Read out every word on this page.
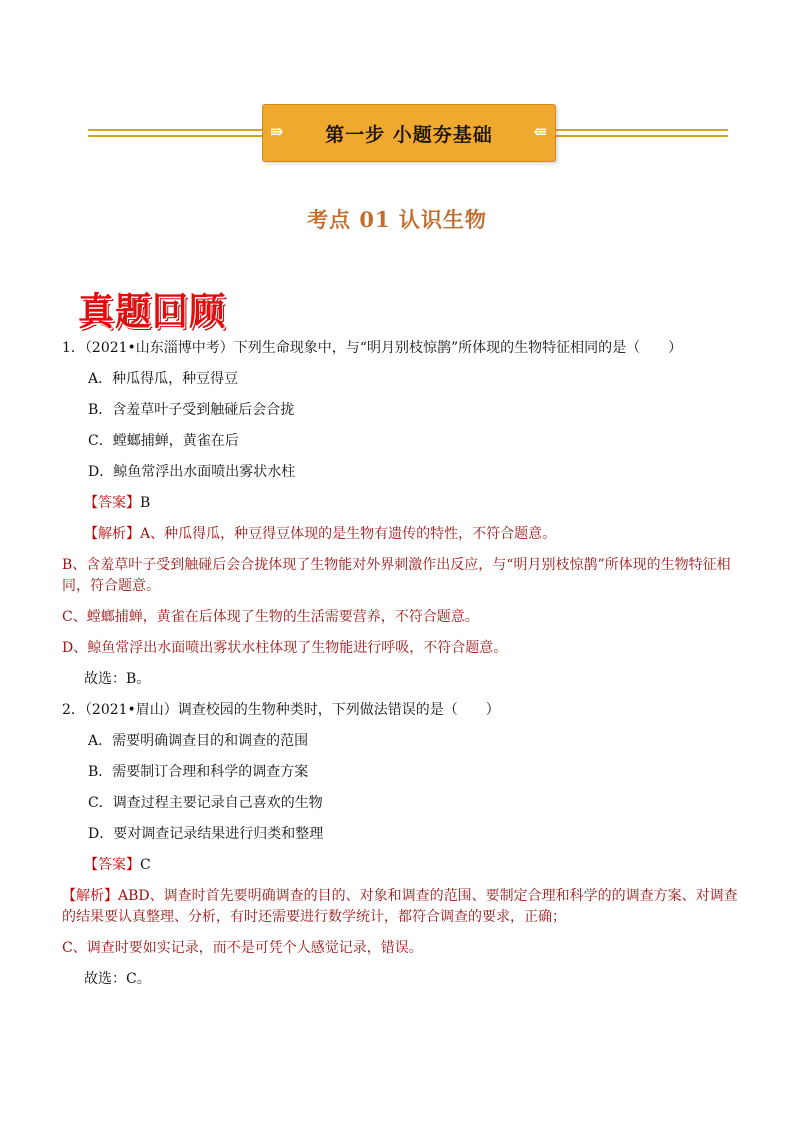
⇛ 第一步 小题夯基础	⇚
考点 01 认识生物
真题回顾
1．（2021•山东淄博中考）下列生命现象中，与“明月别枝惊鹊”所体现的生物特征相同的是（　　）
A．种瓜得瓜，种豆得豆
B．含羞草叶子受到触碰后会合拢
C．螳螂捕蝉，黄雀在后
D．鲸鱼常浮出水面喷出雾状水柱
【答案】B
【解析】A、种瓜得瓜，种豆得豆体现的是生物有遗传的特性，不符合题意。
B、含羞草叶子受到触碰后会合拢体现了生物能对外界刺激作出反应，与“明月别枝惊鹊”所体现的生物特征相同，符合题意。
C、螳螂捕蝉，黄雀在后体现了生物的生活需要营养，不符合题意。
D、鲸鱼常浮出水面喷出雾状水柱体现了生物能进行呼吸，不符合题意。
故选：B。
2．（2021•眉山）调查校园的生物种类时，下列做法错误的是（　　）
A．需要明确调查目的和调查的范围
B．需要制订合理和科学的调查方案
C．调查过程主要记录自己喜欢的生物
D．要对调查记录结果进行归类和整理
【答案】C
【解析】ABD、调查时首先要明确调查的目的、对象和调查的范围、要制定合理和科学的的调查方案、对调查的结果要认真整理、分析，有时还需要进行数学统计，都符合调查的要求，正确；
C、调查时要如实记录，而不是可凭个人感觉记录，错误。
故选：C。
